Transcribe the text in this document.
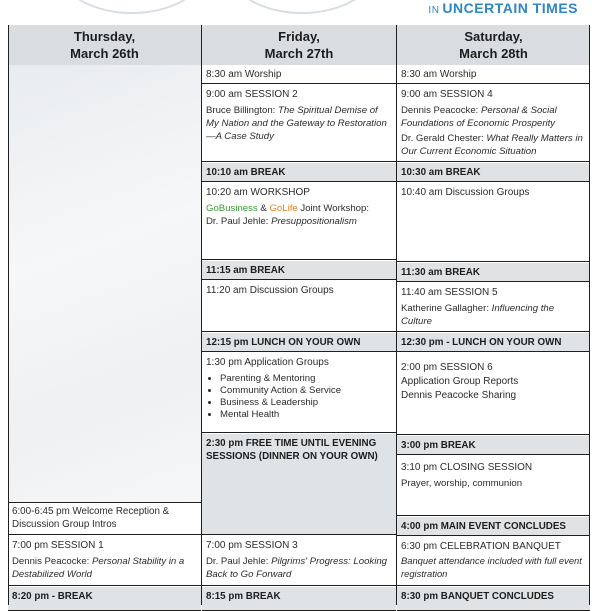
IN UNCERTAIN TIMES
Thursday,
March 26th
Friday,
March 27th
Saturday,
March 28th
6:00-6:45 pm Welcome Reception & Discussion Group Intros
7:00 pm SESSION 1
Dennis Peacocke: Personal Stability in a Destabilized World
8:20 pm - BREAK
8:30 am Worship
9:00 am SESSION 2
Bruce Billington: The Spiritual Demise of My Nation and the Gateway to Restoration—A Case Study
10:10 am BREAK
10:20 am WORKSHOP
GoBusiness & GoLife Joint Workshop:
Dr. Paul Jehle: Presuppositionalism
11:15 am BREAK
11:20 am Discussion Groups
12:15 pm LUNCH ON YOUR OWN
1:30 pm Application Groups
• Parenting & Mentoring
• Community Action & Service
• Business & Leadership
• Mental Health
2:30 pm FREE TIME UNTIL EVENING SESSIONS (DINNER ON YOUR OWN)
7:00 pm SESSION 3
Dr. Paul Jehle: Pilgrims' Progress: Looking Back to Go Forward
8:15 pm BREAK
8:30 am Worship
9:00 am SESSION 4
Dennis Peacocke: Personal & Social Foundations of Economic Prosperity
Dr. Gerald Chester: What Really Matters in Our Current Economic Situation
10:30 am BREAK
10:40 am Discussion Groups
11:30 am BREAK
11:40 am SESSION 5
Katherine Gallagher: Influencing the Culture
12:30 pm - LUNCH ON YOUR OWN
2:00 pm SESSION 6
Application Group Reports
Dennis Peacocke Sharing
3:00 pm BREAK
3:10 pm CLOSING SESSION
Prayer, worship, communion
4:00 pm MAIN EVENT CONCLUDES
6:30 pm CELEBRATION BANQUET
Banquet attendance included with full event registration
8:30 pm BANQUET CONCLUDES
